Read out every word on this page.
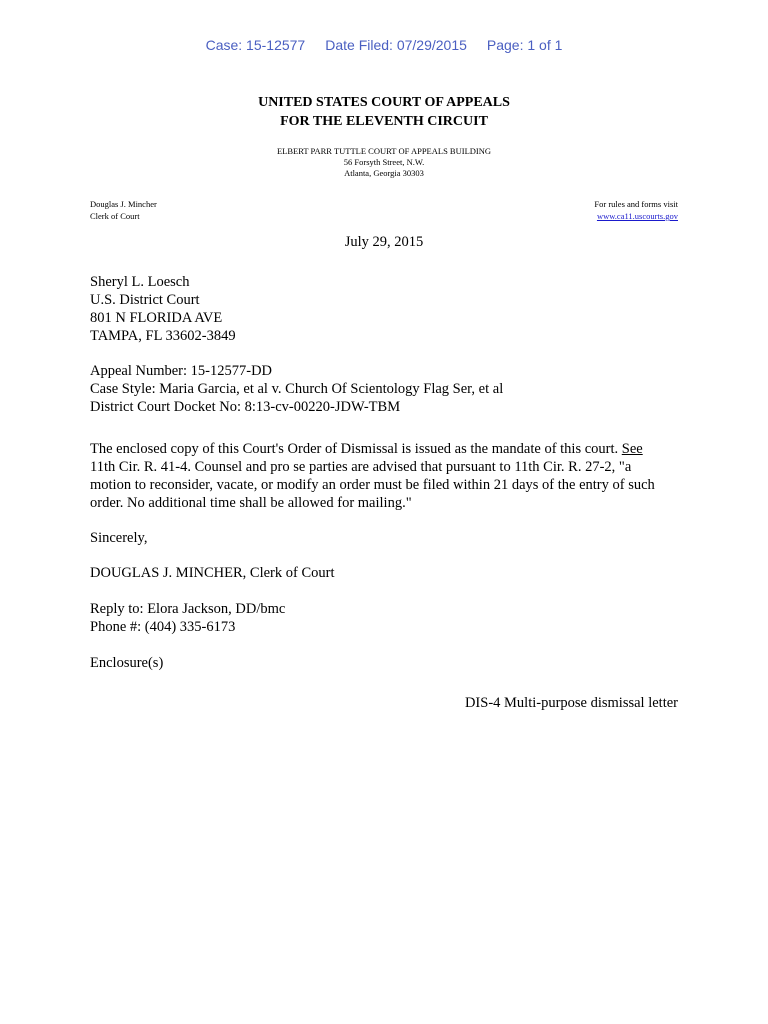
Case: 15-12577 Date Filed: 07/29/2015 Page: 1 of 1
UNITED STATES COURT OF APPEALS
FOR THE ELEVENTH CIRCUIT
ELBERT PARR TUTTLE COURT OF APPEALS BUILDING
56 Forsyth Street, N.W.
Atlanta, Georgia 30303
Douglas J. Mincher
Clerk of Court
For rules and forms visit
www.ca11.uscourts.gov
July 29, 2015
Sheryl L. Loesch
U.S. District Court
801 N FLORIDA AVE
TAMPA, FL 33602-3849
Appeal Number: 15-12577-DD
Case Style: Maria Garcia, et al v. Church Of Scientology Flag Ser, et al
District Court Docket No: 8:13-cv-00220-JDW-TBM
The enclosed copy of this Court's Order of Dismissal is issued as the mandate of this court. See
11th Cir. R. 41-4. Counsel and pro se parties are advised that pursuant to 11th Cir. R. 27-2, "a
motion to reconsider, vacate, or modify an order must be filed within 21 days of the entry of such
order. No additional time shall be allowed for mailing."
Sincerely,
DOUGLAS J. MINCHER, Clerk of Court
Reply to: Elora Jackson, DD/bmc
Phone #: (404) 335-6173
Enclosure(s)
DIS-4 Multi-purpose dismissal letter
